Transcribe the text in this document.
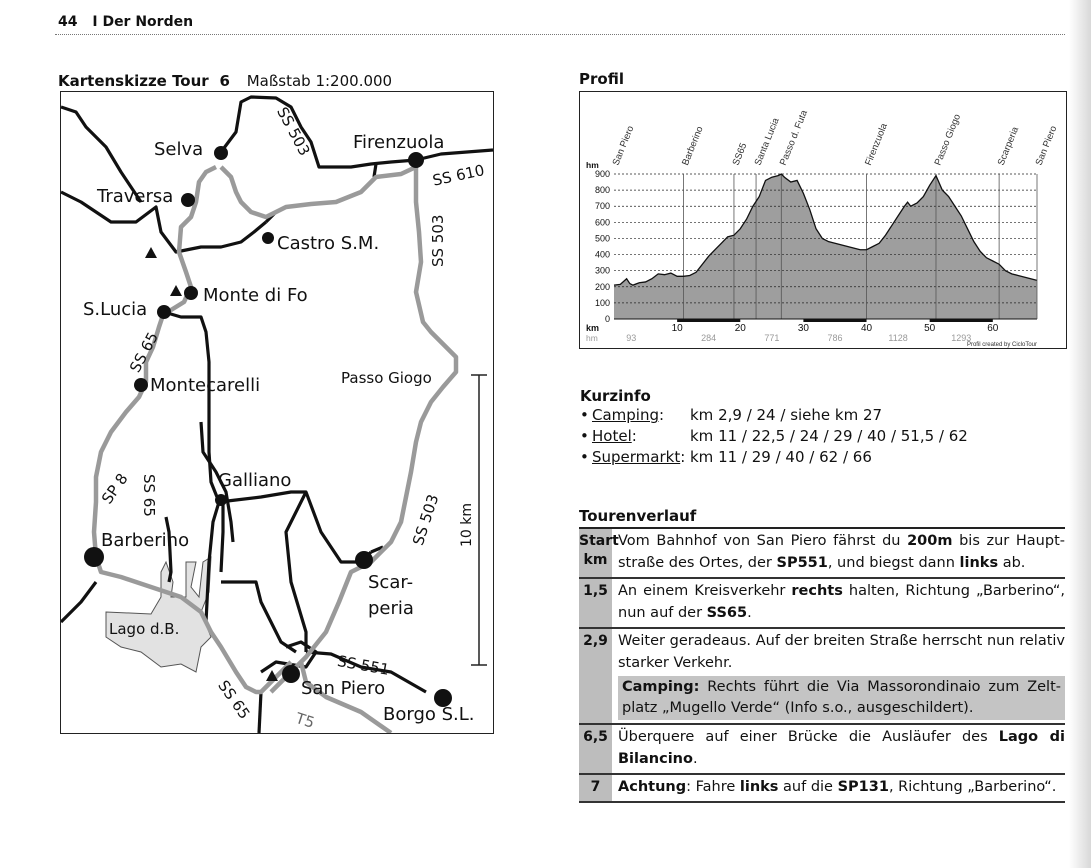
44 I Der Norden
Kartenskizze Tour 6 Maßstab 1:200.000
Selva	Firenzuola
Traversa
Castro S.M.
Monte di Fo
S.Lucia
Montecarelli	Passo Giogo
Galliano
Barberino
Scar-
peria
Lago d.B.
San Piero
Borgo S.L.
SS 503
SS 610
SS 503
SS 65
SP 8 SS 65	SS 503
SS 551
SS 65	T5
10 km
Profil
0
100
200
300
400
500
600
700
800
900
San Piero	Barberino	SS65 Santa Lucia
Passo d. Futa	Firenzuola	Passo Giogo	Scarperia San Piero
hm
km
hm
10	20	30	40	50	60
93	284	771	786	1128	1293
Profil created by CicloTour
Kurzinfo
• Camping:	km 2,9 / 24 / siehe km 27
• Hotel:	km 11 / 22,5 / 24 / 29 / 40 / 51,5 / 62
• Supermarkt: km 11 / 29 / 40 / 62 / 66
Tourenverlauf
Start
km
Vom Bahnhof von San Piero fährst du 200m bis zur Hauptstraße des Ortes, der SP551, und biegst dann links ab.
1,5 An einem Kreisverkehr rechts halten, Richtung „Barberino“, nun auf der SS65.
2,9 Weiter geradeaus. Auf der breiten Straße herrscht nun relativ starker Verkehr.
Camping: Rechts führt die Via Massorondinaio zum Zeltplatz „Mugello Verde“ (Info s.o., ausgeschildert).
6,5 Überquere auf einer Brücke die Ausläufer des Lago di Bilancino.
7	Achtung: Fahre links auf die SP131, Richtung „Barberino“.
